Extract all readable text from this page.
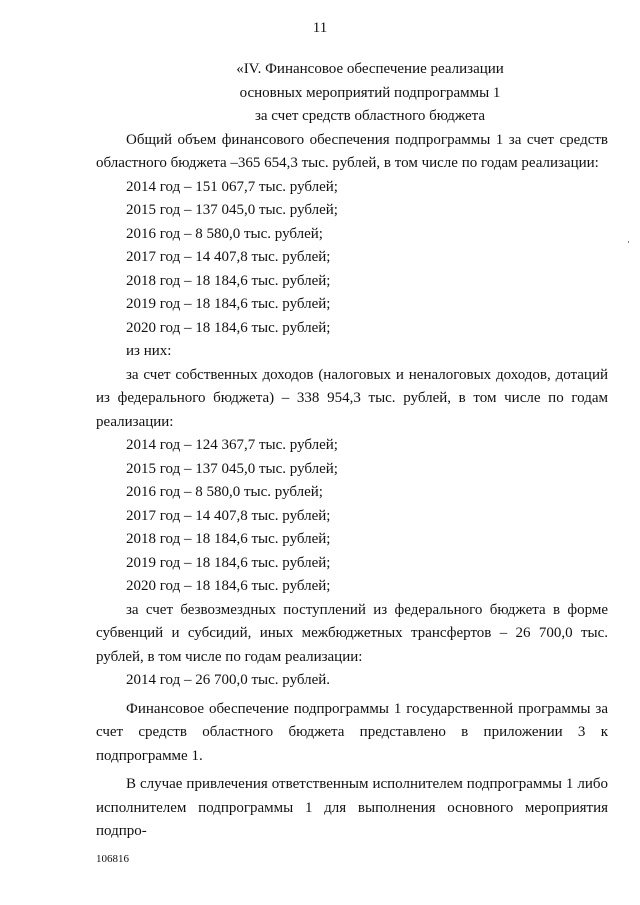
11
«IV. Финансовое обеспечение реализации
основных мероприятий подпрограммы 1
за счет средств областного бюджета

Общий объем финансового обеспечения подпрограммы 1 за счет средств областного бюджета –365 654,3 тыс. рублей, в том числе по годам реализации:

2014 год – 151 067,7 тыс. рублей;
2015 год – 137 045,0 тыс. рублей;
2016 год – 8 580,0 тыс. рублей;
2017 год – 14 407,8 тыс. рублей;
2018 год – 18 184,6 тыс. рублей;
2019 год – 18 184,6 тыс. рублей;
2020 год – 18 184,6 тыс. рублей;
из них:

за счет собственных доходов (налоговых и неналоговых доходов, дотаций из федерального бюджета) – 338 954,3 тыс. рублей, в том числе по годам реализации:

2014 год – 124 367,7 тыс. рублей;
2015 год – 137 045,0 тыс. рублей;
2016 год – 8 580,0 тыс. рублей;
2017 год – 14 407,8 тыс. рублей;
2018 год – 18 184,6 тыс. рублей;
2019 год – 18 184,6 тыс. рублей;
2020 год – 18 184,6 тыс. рублей;

за счет безвозмездных поступлений из федерального бюджета в форме субвенций и субсидий, иных межбюджетных трансфертов – 26 700,0 тыс. рублей, в том числе по годам реализации:

2014 год – 26 700,0 тыс. рублей.

Финансовое обеспечение подпрограммы 1 государственной программы за счет средств областного бюджета представлено в приложении 3 к подпрограмме 1.

В случае привлечения ответственным исполнителем подпрограммы 1 либо исполнителем подпрограммы 1 для выполнения основного мероприятия подпро-

106816
